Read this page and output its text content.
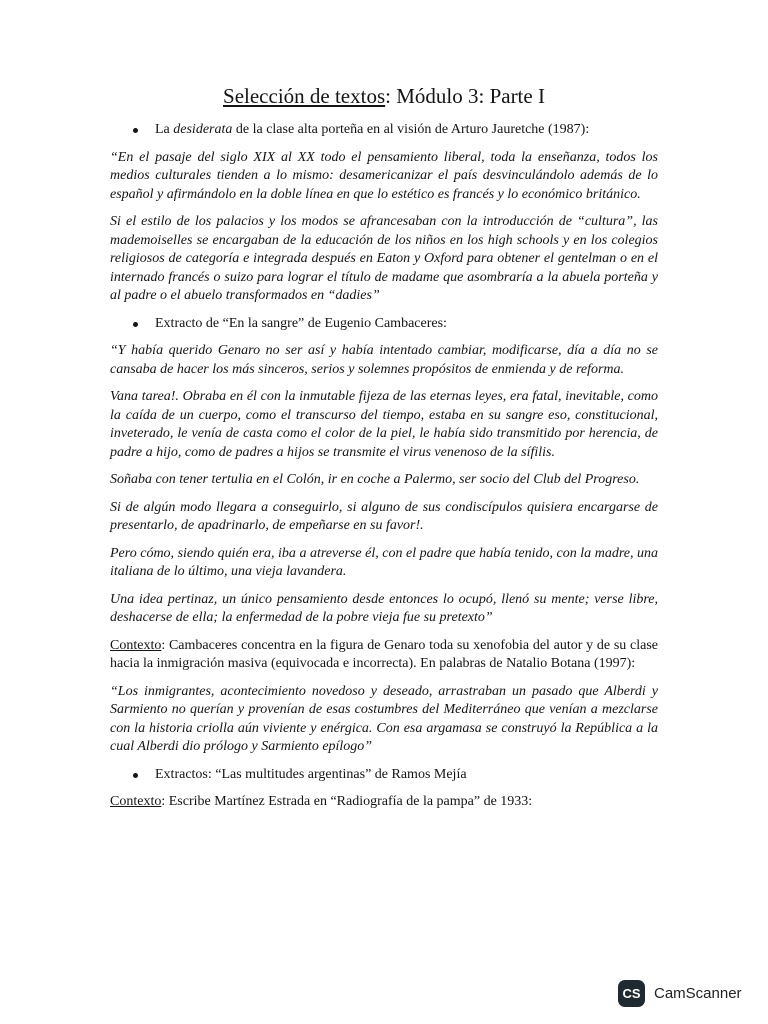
Selección de textos: Módulo 3: Parte I
La desiderata de la clase alta porteña en al visión de Arturo Jauretche (1987):

“En el pasaje del siglo XIX al XX todo el pensamiento liberal, toda la enseñanza, todos los medios culturales tienden a lo mismo: desamericanizar el país desvinculándolo además de lo español y afirmándolo en la doble línea en que lo estético es francés y lo económico británico.

Si el estilo de los palacios y los modos se afrancesaban con la introducción de “cultura”, las mademoiselles se encargaban de la educación de los niños en los high schools y en los colegios religiosos de categoría e integrada después en Eaton y Oxford para obtener el gentelman o en el internado francés o suizo para lograr el título de madame que asombraría a la abuela porteña y al padre o el abuelo transformados en “dadies”

Extracto de “En la sangre” de Eugenio Cambaceres:

“Y había querido Genaro no ser así y había intentado cambiar, modificarse, día a día no se cansaba de hacer los más sinceros, serios y solemnes propósitos de enmienda y de reforma.

Vana tarea!. Obraba en él con la inmutable fijeza de las eternas leyes, era fatal, inevitable, como la caída de un cuerpo, como el transcurso del tiempo, estaba en su sangre eso, constitucional, inveterado, le venía de casta como el color de la piel, le había sido transmitido por herencia, de padre a hijo, como de padres a hijos se transmite el virus venenoso de la sífilis.

Soñaba con tener tertulia en el Colón, ir en coche a Palermo, ser socio del Club del Progreso.

Si de algún modo llegara a conseguirlo, si alguno de sus condiscípulos quisiera encargarse de presentarlo, de apadrinarlo, de empeñarse en su favor!.

Pero cómo, siendo quién era, iba a atreverse él, con el padre que había tenido, con la madre, una italiana de lo último, una vieja lavandera.

Una idea pertinaz, un único pensamiento desde entonces lo ocupó, llenó su mente; verse libre, deshacerse de ella; la enfermedad de la pobre vieja fue su pretexto”

Contexto: Cambaceres concentra en la figura de Genaro toda su xenofobia del autor y de su clase hacia la inmigración masiva (equivocada e incorrecta). En palabras de Natalio Botana (1997):

“Los inmigrantes, acontecimiento novedoso y deseado, arrastraban un pasado que Alberdi y Sarmiento no querían y provenían de esas costumbres del Mediterráneo que venían a mezclarse con la historia criolla aún viviente y enérgica. Con esa argamasa se construyó la República a la cual Alberdi dio prólogo y Sarmiento epílogo”

Extractos: “Las multitudes argentinas” de Ramos Mejía

Contexto: Escribe Martínez Estrada en “Radiografía de la pampa” de 1933:

CS CamScanner
